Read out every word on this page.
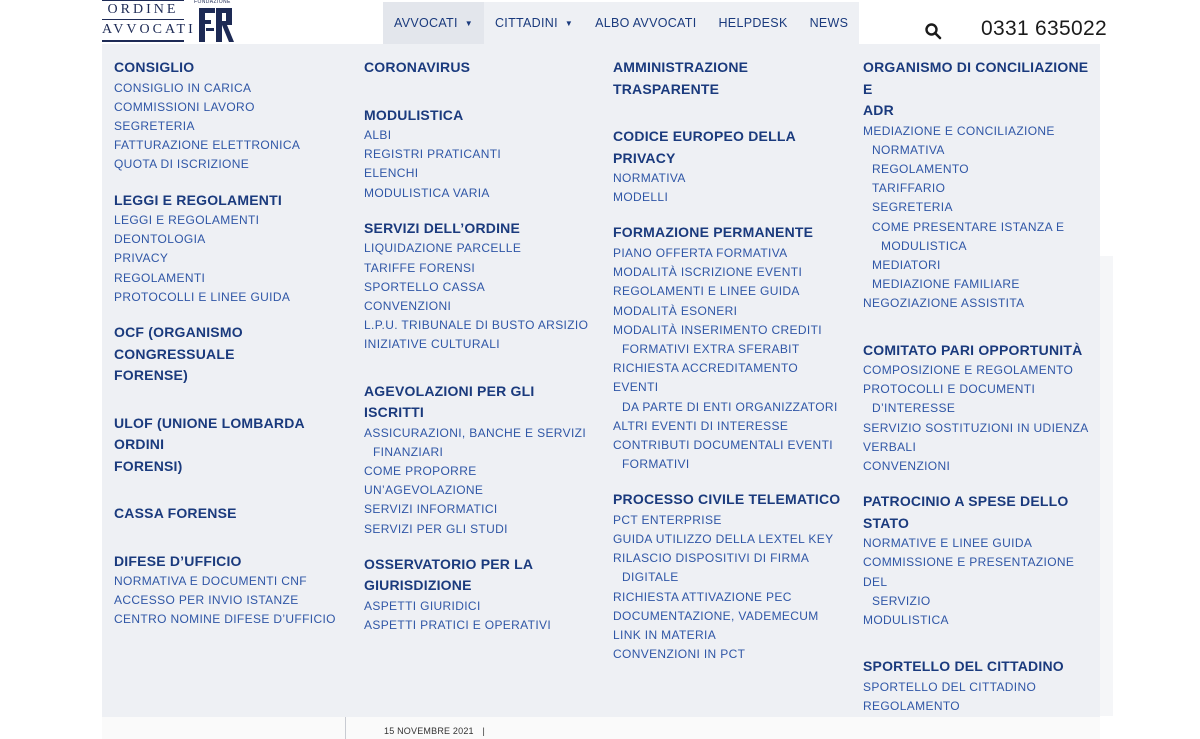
ORDINE
AVVOCATI
FONDAZIONE
AVVOCATI ▼ CITTADINI ▼ ALBO AVVOCATI HELPDESK NEWS	0331 635022
CONSIGLIO
CONSIGLIO IN CARICA
COMMISSIONI LAVORO
SEGRETERIA
FATTURAZIONE ELETTRONICA
QUOTA DI ISCRIZIONE
LEGGI E REGOLAMENTI
LEGGI E REGOLAMENTI
DEONTOLOGIA
PRIVACY
REGOLAMENTI
PROTOCOLLI E LINEE GUIDA
OCF (ORGANISMO CONGRESSUALE
FORENSE)
ULOF (UNIONE LOMBARDA ORDINI
FORENSI)
CASSA FORENSE
DIFESE D’UFFICIO
NORMATIVA E DOCUMENTI CNF
ACCESSO PER INVIO ISTANZE
CENTRO NOMINE DIFESE D’UFFICIO
CORONAVIRUS
MODULISTICA
ALBI
REGISTRI PRATICANTI
ELENCHI
MODULISTICA VARIA
SERVIZI DELL’ORDINE
LIQUIDAZIONE PARCELLE
TARIFFE FORENSI
SPORTELLO CASSA
CONVENZIONI
L.P.U. TRIBUNALE DI BUSTO ARSIZIO
INIZIATIVE CULTURALI
AGEVOLAZIONI PER GLI ISCRITTI
ASSICURAZIONI, BANCHE E SERVIZI
FINANZIARI
COME PROPORRE UN’AGEVOLAZIONE
SERVIZI INFORMATICI
SERVIZI PER GLI STUDI
OSSERVATORIO PER LA
GIURISDIZIONE
ASPETTI GIURIDICI
ASPETTI PRATICI E OPERATIVI
AMMINISTRAZIONE TRASPARENTE
CODICE EUROPEO DELLA PRIVACY
NORMATIVA
MODELLI
FORMAZIONE PERMANENTE
PIANO OFFERTA FORMATIVA
MODALITÀ ISCRIZIONE EVENTI
REGOLAMENTI E LINEE GUIDA
MODALITÀ ESONERI
MODALITÀ INSERIMENTO CREDITI
FORMATIVI EXTRA SFERABIT
RICHIESTA ACCREDITAMENTO EVENTI
DA PARTE DI ENTI ORGANIZZATORI
ALTRI EVENTI DI INTERESSE
CONTRIBUTI DOCUMENTALI EVENTI
FORMATIVI
PROCESSO CIVILE TELEMATICO
PCT ENTERPRISE
GUIDA UTILIZZO DELLA LEXTEL KEY
RILASCIO DISPOSITIVI DI FIRMA
DIGITALE
RICHIESTA ATTIVAZIONE PEC
DOCUMENTAZIONE, VADEMECUM
LINK IN MATERIA
CONVENZIONI IN PCT
ORGANISMO DI CONCILIAZIONE E
ADR
MEDIAZIONE E CONCILIAZIONE
NORMATIVA
REGOLAMENTO
TARIFFARIO
SEGRETERIA
COME PRESENTARE ISTANZA E
MODULISTICA
MEDIATORI
MEDIAZIONE FAMILIARE
NEGOZIAZIONE ASSISTITA
COMITATO PARI OPPORTUNITÀ
COMPOSIZIONE E REGOLAMENTO
PROTOCOLLI E DOCUMENTI
D’INTERESSE
SERVIZIO SOSTITUZIONI IN UDIENZA
VERBALI
CONVENZIONI
PATROCINIO A SPESE DELLO
STATO
NORMATIVE E LINEE GUIDA
COMMISSIONE E PRESENTAZIONE DEL
SERVIZIO
MODULISTICA
SPORTELLO DEL CITTADINO
SPORTELLO DEL CITTADINO
REGOLAMENTO
15 NOVEMBRE 2021 |
